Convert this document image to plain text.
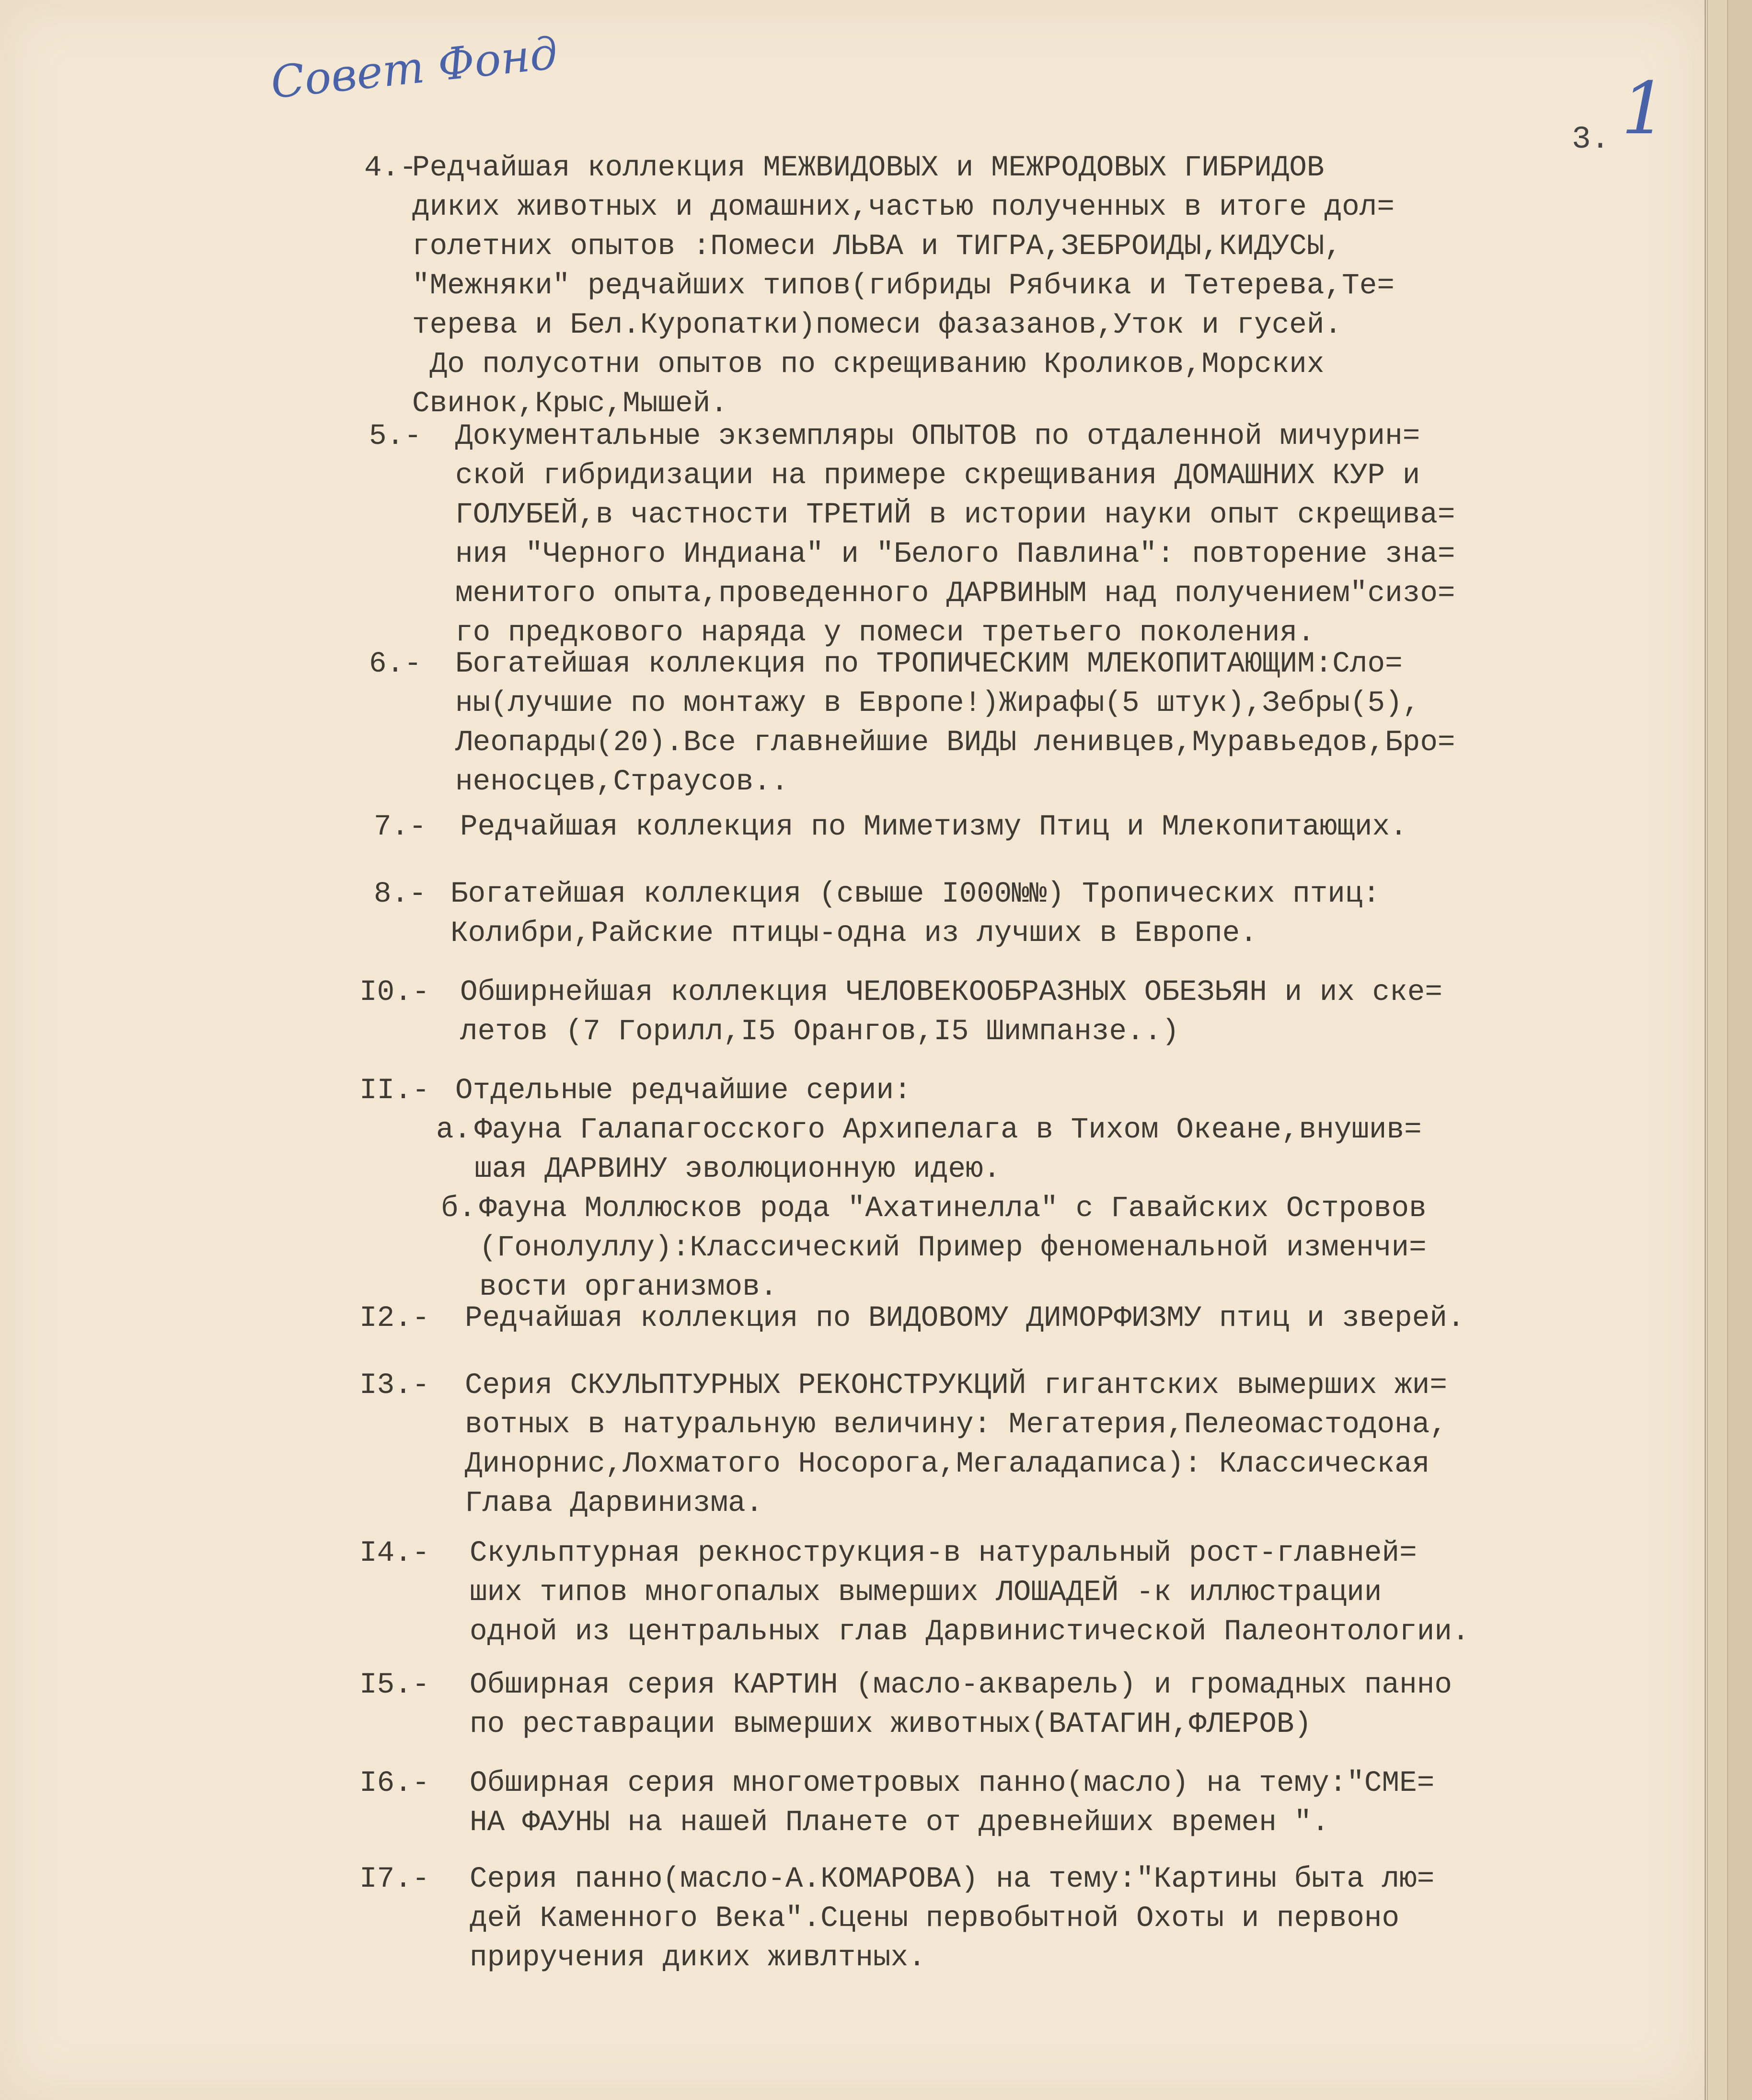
Совет Фонд
3. 1
4.-
Редчайшая коллекция МЕЖВИДОВЫХ и МЕЖРОДОВЫХ ГИБРИДОВ
диких животных и домашних,частью полученных в итоге дол=
голетних опытов :Помеси ЛЬВА и ТИГРА,ЗЕБРОИДЫ,КИДУСЫ,
"Межняки" редчайших типов(гибриды Рябчика и Тетерева,Те=
терева и Бел.Куропатки)помеси фазазанов,Уток и гусей.
До полусотни опытов по скрещиванию Кроликов,Морских
Свинок,Крыс,Мышей.
5.- Документальные экземпляры ОПЫТОВ по отдаленной мичурин=
ской гибридизации на примере скрещивания ДОМАШНИХ КУР и
ГОЛУБЕЙ,в частности ТРЕТИЙ в истории науки опыт скрещива=
ния "Черного Индиана" и "Белого Павлина": повторение зна=
менитого опыта,проведенного ДАРВИНЫМ над получением"сизо=
го предкового наряда у помеси третьего поколения.
6.- Богатейшая коллекция по ТРОПИЧЕСКИМ МЛЕКОПИТАЮЩИМ:Сло=
ны(лучшие по монтажу в Европе!)Жирафы(5 штук),Зебры(5),
Леопарды(20).Все главнейшие ВИДЫ ленивцев,Муравьедов,Бро=
неносцев,Страусов..
7.- Редчайшая коллекция по Миметизму Птиц и Млекопитающих.
8.- Богатейшая коллекция (свыше I000№№) Тропических птиц:
Колибри,Райские птицы-одна из лучших в Европе.
I0.- Обширнейшая коллекция ЧЕЛОВЕКООБРАЗНЫХ ОБЕЗЬЯН и их ске=
летов (7 Горилл,I5 Орангов,I5 Шимпанзе..)
II.- Отдельные редчайшие серии:
а. Фауна Галапагосского Архипелага в Тихом Океане,внушив=
шая ДАРВИНУ эволюционную идею.
б. Фауна Моллюсков рода "Ахатинелла" с Гавайских Островов
(Гонолуллу):Классический Пример феноменальной изменчи=
вости организмов.
I2.- Редчайшая коллекция по ВИДОВОМУ ДИМОРФИЗМУ птиц и зверей.
I3.- Серия СКУЛЬПТУРНЫХ РЕКОНСТРУКЦИЙ гигантских вымерших жи=
вотных в натуральную величину: Мегатерия,Пелеомастодона,
Динорнис,Лохматого Носорога,Мегаладаписа): Классическая
Глава Дарвинизма.
I4.- Скульптурная рекнострукция-в натуральный рост-главней=
ших типов многопалых вымерших ЛОШАДЕЙ -к иллюстрации
одной из центральных глав Дарвинистической Палеонтологии.
I5.- Обширная серия КАРТИН (масло-акварель) и громадных панно
по реставрации вымерших животных(ВАТАГИН,ФЛЕРОВ)
I6.- Обширная серия многометровых панно(масло) на тему:"СМЕ=
НА ФАУНЫ на нашей Планете от древнейших времен ".
I7.- Серия панно(масло-А.КОМАРОВА) на тему:"Картины быта лю=
дей Каменного Века".Сцены первобытной Охоты и первоно
приручения диких живлтных.
